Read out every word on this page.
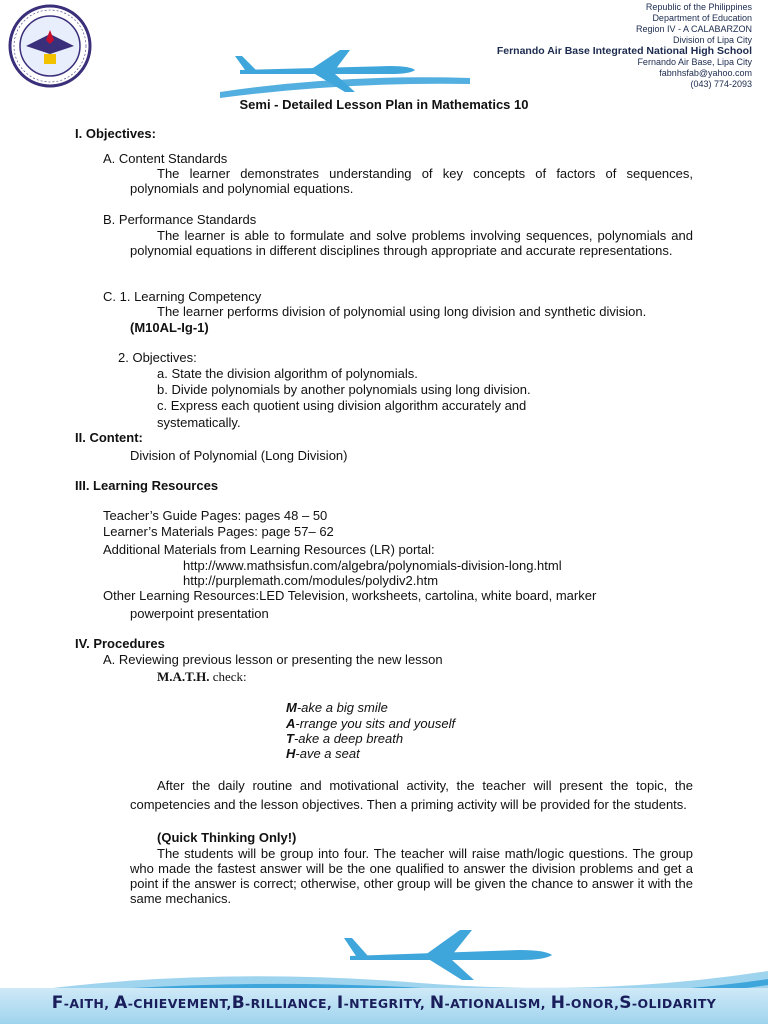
Republic of the Philippines
Department of Education
Region IV - A CALABARZON
Division of Lipa City
Fernando Air Base Integrated National High School
Fernando Air Base, Lipa City
fabnhsfab@yahoo.com
(043) 774-2093
Semi - Detailed Lesson Plan in Mathematics 10
I. Objectives:
A. Content Standards
The learner demonstrates understanding of key concepts of factors of sequences, polynomials and polynomial equations.
B. Performance Standards
The learner is able to formulate and solve problems involving sequences, polynomials and polynomial equations in different disciplines through appropriate and accurate representations.
C. 1. Learning Competency
The learner performs division of polynomial using long division and synthetic division.
(M10AL-Ig-1)
2. Objectives:
a. State the division algorithm of polynomials.
b. Divide polynomials by another polynomials using long division.
c. Express each quotient using division algorithm accurately and
systematically.
II. Content:
Division of Polynomial (Long Division)
III. Learning Resources
Teacher’s Guide Pages: pages 48 – 50
Learner’s Materials Pages: page 57– 62
Additional Materials from Learning Resources (LR) portal:
http://www.mathsisfun.com/algebra/polynomials-division-long.html
http://purplemath.com/modules/polydiv2.htm
Other Learning Resources:LED Television, worksheets, cartolina, white board, marker
powerpoint presentation
IV. Procedures
A. Reviewing previous lesson or presenting the new lesson
M.A.T.H. check:
M-ake a big smile
A-rrange you sits and youself
T-ake a deep breath
H-ave a seat
After the daily routine and motivational activity, the teacher will present the topic, the competencies and the lesson objectives. Then a priming activity will be provided for the students.
(Quick Thinking Only!)
The students will be group into four. The teacher will raise math/logic questions. The group who made the fastest answer will be the one qualified to answer the division problems and get a point if the answer is correct; otherwise, other group will be given the chance to answer it with the same mechanics.
F-AITH, A-CHIEVEMENT,B-RILLIANCE, I-NTEGRITY, N-ATIONALISM, H-ONOR,S-OLIDARITY
